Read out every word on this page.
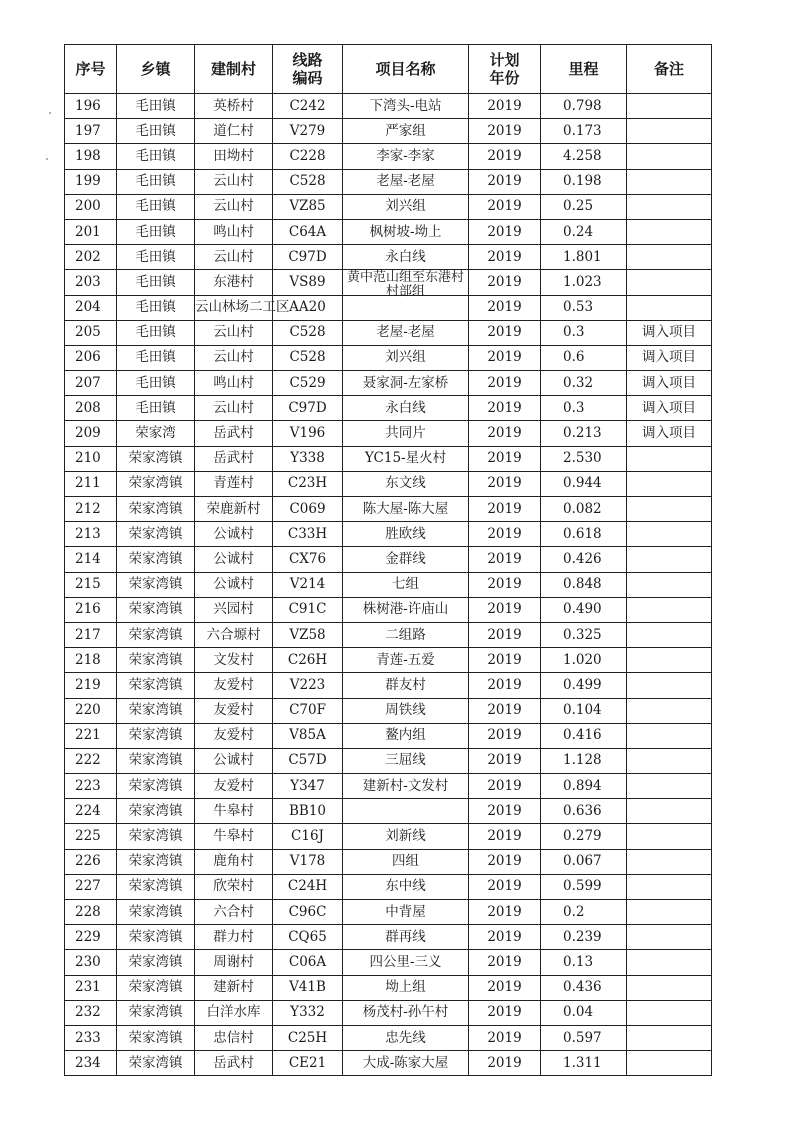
序号	乡镇	建制村	线路编码	项目名称	计划年份	里程	备注
196	毛田镇	英桥村	C242	下湾头-电站	2019	0.798	
197	毛田镇	道仁村	V279	严家组	2019	0.173	
198	毛田镇	田坳村	C228	李家-李家	2019	4.258	
199	毛田镇	云山村	C528	老屋-老屋	2019	0.198	
200	毛田镇	云山村	VZ85	刘兴组	2019	0.25	
201	毛田镇	鸣山村	C64A	枫树坡-坳上	2019	0.24	
202	毛田镇	云山村	C97D	永白线	2019	1.801	
203	毛田镇	东港村	VS89	黄中范山组至东港村村部组	2019	1.023	
204	毛田镇	云山林场二工区	AA20		2019	0.53	
205	毛田镇	云山村	C528	老屋-老屋	2019	0.3	调入项目
206	毛田镇	云山村	C528	刘兴组	2019	0.6	调入项目
207	毛田镇	鸣山村	C529	聂家洞-左家桥	2019	0.32	调入项目
208	毛田镇	云山村	C97D	永白线	2019	0.3	调入项目
209	荣家湾	岳武村	V196	共同片	2019	0.213	调入项目
210	荣家湾镇	岳武村	Y338	YC15-星火村	2019	2.530	
211	荣家湾镇	青莲村	C23H	东文线	2019	0.944	
212	荣家湾镇	荣鹿新村	C069	陈大屋-陈大屋	2019	0.082	
213	荣家湾镇	公诚村	C33H	胜欧线	2019	0.618	
214	荣家湾镇	公诚村	CX76	金群线	2019	0.426	
215	荣家湾镇	公诚村	V214	七组	2019	0.848	
216	荣家湾镇	兴园村	C91C	株树港-许庙山	2019	0.490	
217	荣家湾镇	六合塬村	VZ58	二组路	2019	0.325	
218	荣家湾镇	文发村	C26H	青莲-五爱	2019	1.020	
219	荣家湾镇	友爱村	V223	群友村	2019	0.499	
220	荣家湾镇	友爱村	C70F	周铁线	2019	0.104	
221	荣家湾镇	友爱村	V85A	鳌内组	2019	0.416	
222	荣家湾镇	公诚村	C57D	三屈线	2019	1.128	
223	荣家湾镇	友爱村	Y347	建新村-文发村	2019	0.894	
224	荣家湾镇	牛皋村	BB10		2019	0.636	
225	荣家湾镇	牛皋村	C16J	刘新线	2019	0.279	
226	荣家湾镇	鹿角村	V178	四组	2019	0.067	
227	荣家湾镇	欣荣村	C24H	东中线	2019	0.599	
228	荣家湾镇	六合村	C96C	中背屋	2019	0.2	
229	荣家湾镇	群力村	CQ65	群再线	2019	0.239	
230	荣家湾镇	周谢村	C06A	四公里-三义	2019	0.13	
231	荣家湾镇	建新村	V41B	坳上组	2019	0.436	
232	荣家湾镇	白洋水库	Y332	杨茂村-孙午村	2019	0.04	
233	荣家湾镇	忠信村	C25H	忠先线	2019	0.597	
234	荣家湾镇	岳武村	CE21	大成-陈家大屋	2019	1.311	
